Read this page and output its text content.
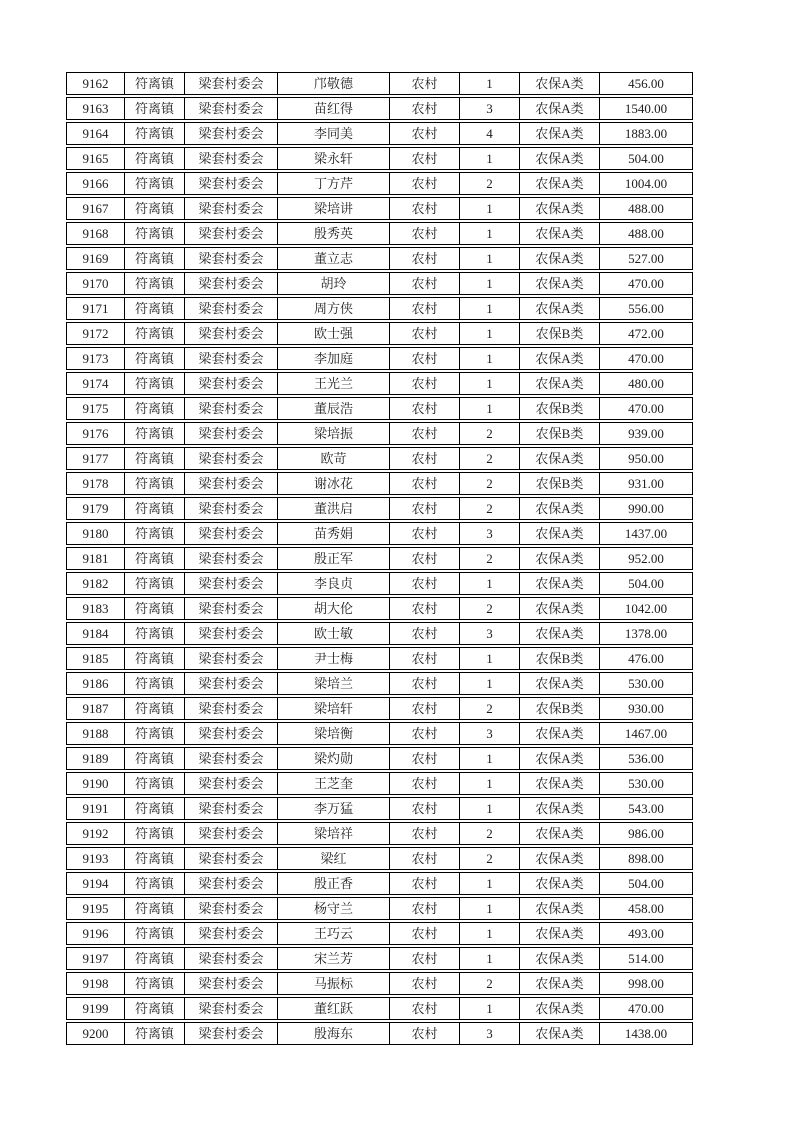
9162	符离镇	梁套村委会	邝敬德	农村	1	农保A类	456.00
9163	符离镇	梁套村委会	苗红得	农村	3	农保A类	1540.00
9164	符离镇	梁套村委会	李同美	农村	4	农保A类	1883.00
9165	符离镇	梁套村委会	梁永轩	农村	1	农保A类	504.00
9166	符离镇	梁套村委会	丁方芹	农村	2	农保A类	1004.00
9167	符离镇	梁套村委会	梁培讲	农村	1	农保A类	488.00
9168	符离镇	梁套村委会	殷秀英	农村	1	农保A类	488.00
9169	符离镇	梁套村委会	董立志	农村	1	农保A类	527.00
9170	符离镇	梁套村委会	胡玲	农村	1	农保A类	470.00
9171	符离镇	梁套村委会	周方侠	农村	1	农保A类	556.00
9172	符离镇	梁套村委会	欧士强	农村	1	农保B类	472.00
9173	符离镇	梁套村委会	李加庭	农村	1	农保A类	470.00
9174	符离镇	梁套村委会	王光兰	农村	1	农保A类	480.00
9175	符离镇	梁套村委会	董辰浩	农村	1	农保B类	470.00
9176	符离镇	梁套村委会	梁培振	农村	2	农保B类	939.00
9177	符离镇	梁套村委会	欧苛	农村	2	农保A类	950.00
9178	符离镇	梁套村委会	谢冰花	农村	2	农保B类	931.00
9179	符离镇	梁套村委会	董洪启	农村	2	农保A类	990.00
9180	符离镇	梁套村委会	苗秀娟	农村	3	农保A类	1437.00
9181	符离镇	梁套村委会	殷正军	农村	2	农保A类	952.00
9182	符离镇	梁套村委会	李良贞	农村	1	农保A类	504.00
9183	符离镇	梁套村委会	胡大伦	农村	2	农保A类	1042.00
9184	符离镇	梁套村委会	欧士敏	农村	3	农保A类	1378.00
9185	符离镇	梁套村委会	尹士梅	农村	1	农保B类	476.00
9186	符离镇	梁套村委会	梁培兰	农村	1	农保A类	530.00
9187	符离镇	梁套村委会	梁培轩	农村	2	农保B类	930.00
9188	符离镇	梁套村委会	梁培衡	农村	3	农保A类	1467.00
9189	符离镇	梁套村委会	梁灼勋	农村	1	农保A类	536.00
9190	符离镇	梁套村委会	王芝奎	农村	1	农保A类	530.00
9191	符离镇	梁套村委会	李万猛	农村	1	农保A类	543.00
9192	符离镇	梁套村委会	梁培祥	农村	2	农保A类	986.00
9193	符离镇	梁套村委会	梁红	农村	2	农保A类	898.00
9194	符离镇	梁套村委会	殷正香	农村	1	农保A类	504.00
9195	符离镇	梁套村委会	杨守兰	农村	1	农保A类	458.00
9196	符离镇	梁套村委会	王巧云	农村	1	农保A类	493.00
9197	符离镇	梁套村委会	宋兰芳	农村	1	农保A类	514.00
9198	符离镇	梁套村委会	马振标	农村	2	农保A类	998.00
9199	符离镇	梁套村委会	董红跃	农村	1	农保A类	470.00
9200	符离镇	梁套村委会	殷海东	农村	3	农保A类	1438.00
